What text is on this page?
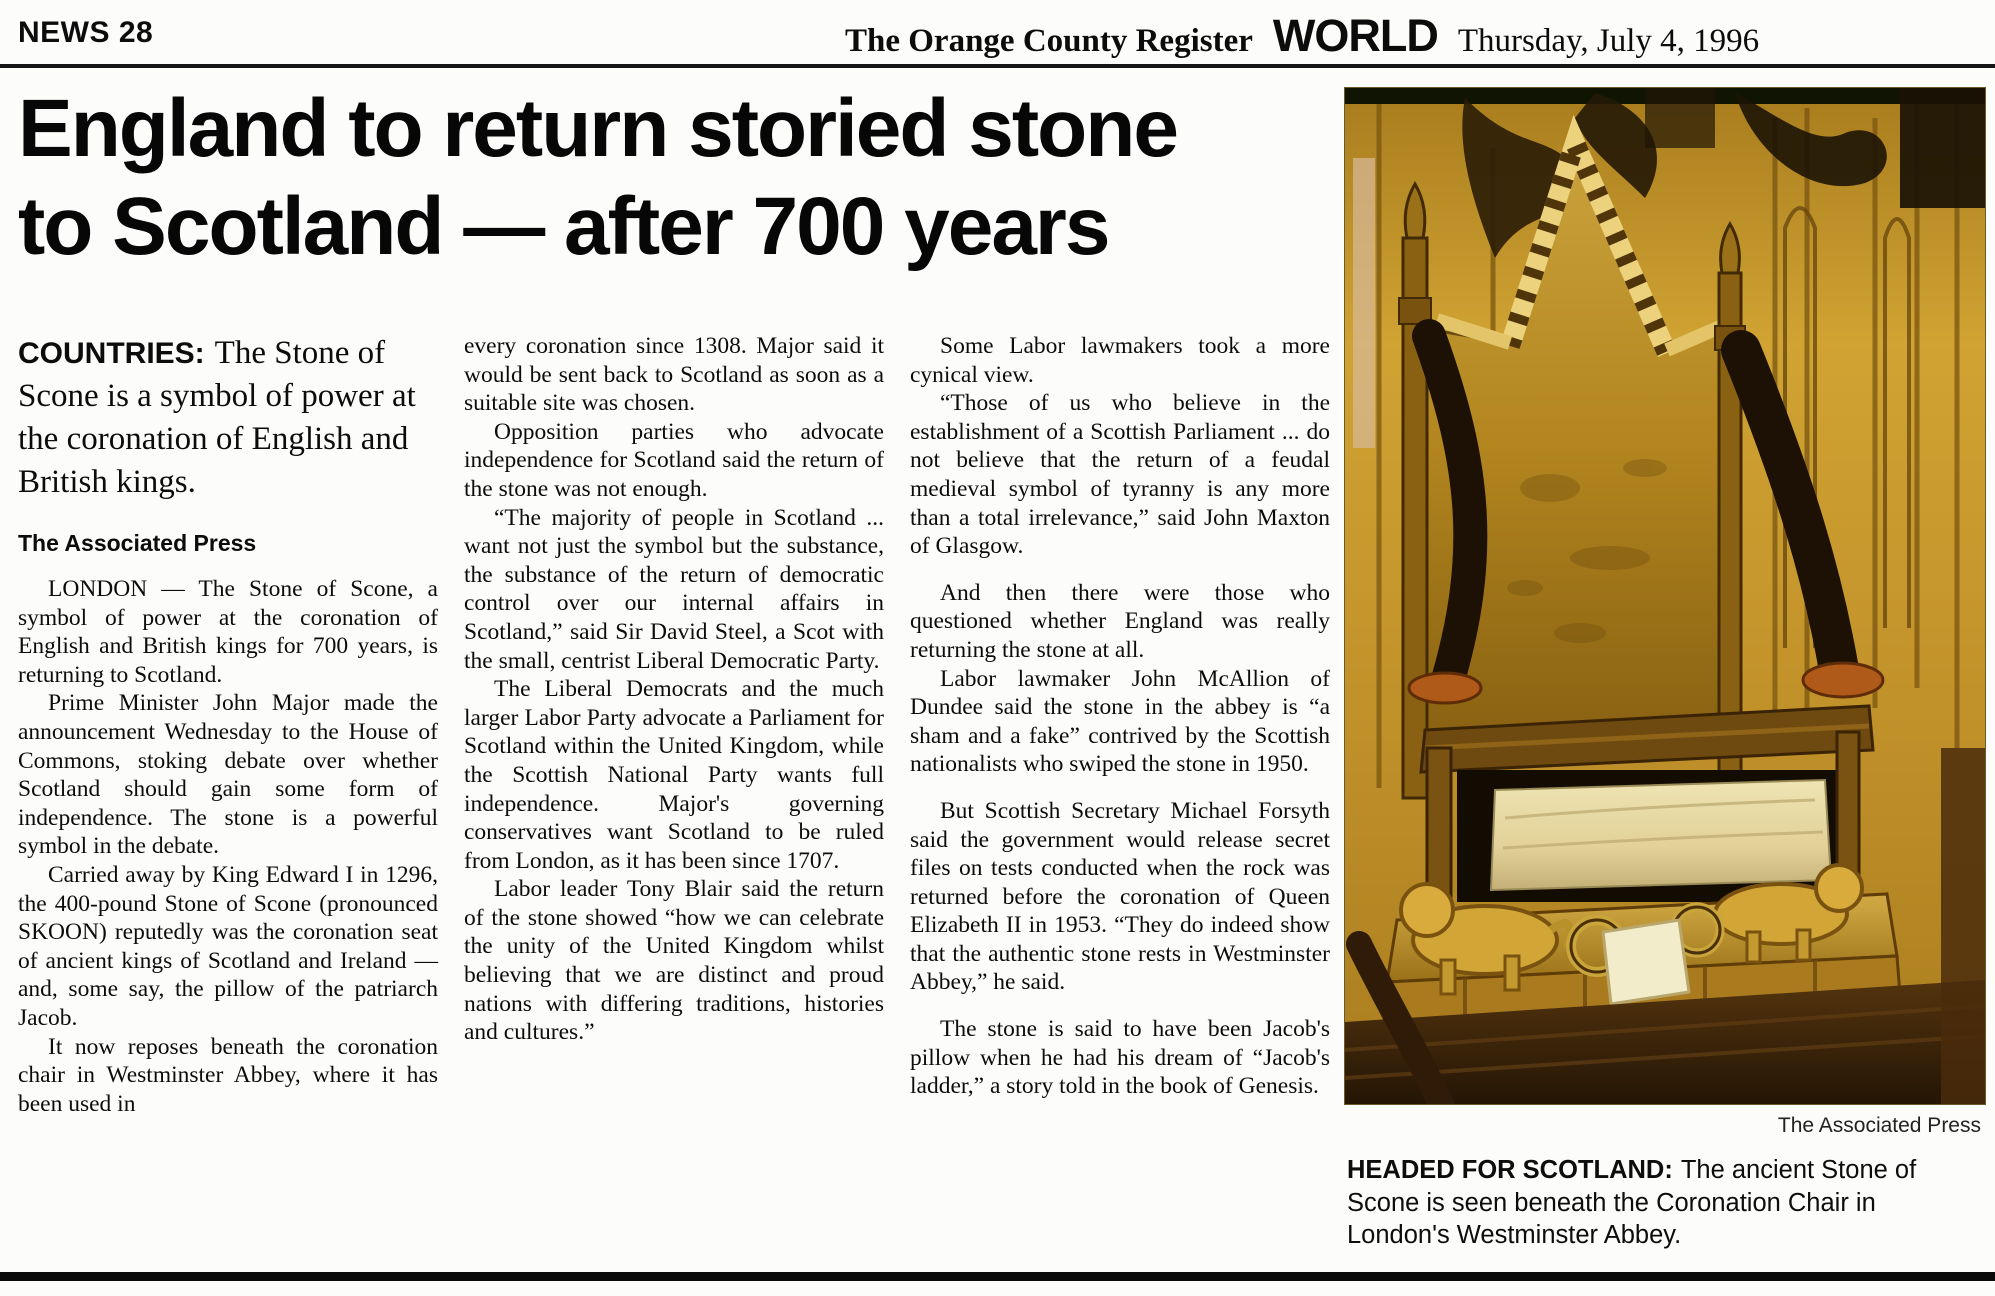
NEWS 28	The Orange County Register WORLD Thursday, July 4, 1996
England to return storied stone
to Scotland — after 700 years

COUNTRIES: The Stone of Scone is a symbol of power at the coronation of English and British kings.

The Associated Press

LONDON — The Stone of Scone, a symbol of power at the coronation of English and British kings for 700 years, is returning to Scotland.

Prime Minister John Major made the announcement Wednesday to the House of Commons, stoking debate over whether Scotland should gain some form of independence. The stone is a powerful symbol in the debate.

Carried away by King Edward I in 1296, the 400-pound Stone of Scone (pronounced SKOON) reputedly was the coronation seat of ancient kings of Scotland and Ireland — and, some say, the pillow of the patriarch Jacob.

It now reposes beneath the coronation chair in Westminster Abbey, where it has been used in

every coronation since 1308. Major said it would be sent back to Scotland as soon as a suitable site was chosen.

Opposition parties who advocate independence for Scotland said the return of the stone was not enough.

“The majority of people in Scotland ... want not just the symbol but the substance, the substance of the return of democratic control over our internal affairs in Scotland,” said Sir David Steel, a Scot with the small, centrist Liberal Democratic Party.

The Liberal Democrats and the much larger Labor Party advocate a Parliament for Scotland within the United Kingdom, while the Scottish National Party wants full independence. Major's governing conservatives want Scotland to be ruled from London, as it has been since 1707.

Labor leader Tony Blair said the return of the stone showed “how we can celebrate the unity of the United Kingdom whilst believing that we are distinct and proud nations with differing traditions, histories and cultures.”

Some Labor lawmakers took a more cynical view.

“Those of us who believe in the establishment of a Scottish Parliament ... do not believe that the return of a feudal medieval symbol of tyranny is any more than a total irrelevance,” said John Maxton of Glasgow.

And then there were those who questioned whether England was really returning the stone at all.

Labor lawmaker John McAllion of Dundee said the stone in the abbey is “a sham and a fake” contrived by the Scottish nationalists who swiped the stone in 1950.

But Scottish Secretary Michael Forsyth said the government would release secret files on tests conducted when the rock was returned before the coronation of Queen Elizabeth II in 1953. “They do indeed show that the authentic stone rests in Westminster Abbey,” he said.

The stone is said to have been Jacob's pillow when he had his dream of “Jacob's ladder,” a story told in the book of Genesis.

The Associated Press
HEADED FOR SCOTLAND: The ancient Stone of Scone is seen beneath the Coronation Chair in London's Westminster Abbey.
